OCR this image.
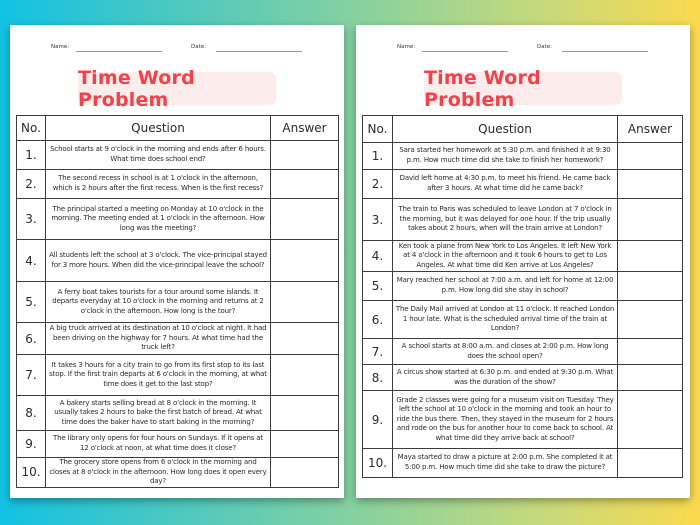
Name:	Date:
Time Word Problem
No.	Question	Answer
1.	School starts at 9 o'clock in the morning and ends after 6 hours. What time does school end?	
2.	The second recess in school is at 1 o'clock in the afternoon, which is 2 hours after the first recess. When is the first recess?	
3.	The principal started a meeting on Monday at 10 o'clock in the morning. The meeting ended at 1 o'clock in the afternoon. How long was the meeting?	
4.	All students left the school at 3 o'clock. The vice-principal stayed for 3 more hours. When did the vice-principal leave the school?	
5.	A ferry boat takes tourists for a tour around some islands. It departs everyday at 10 o'clock in the morning and returns at 2 o'clock in the afternoon. How long is the tour?	
6.	A big truck arrived at its destination at 10 o'clock at night. It had been driving on the highway for 7 hours. At what time had the truck left?	
7.	It takes 3 hours for a city train to go from its first stop to its last stop. If the first train departs at 6 o'clock in the morning, at what time does it get to the last stop?	
8.	A bakery starts selling bread at 8 o'clock in the morning. It usually takes 2 hours to bake the first batch of bread. At what time does the baker have to start baking in the morning?	
9.	The library only opens for four hours on Sundays. If it opens at 12 o'clock at noon, at what time does it close?	
10.	The grocery store opens from 6 o'clock in the morning and closes at 8 o'clock in the afternoon. How long does it open every day?	
Name:	Date:
Time Word Problem
No.	Question	Answer
1.	Sara started her homework at 5:30 p.m. and finished it at 9:30 p.m. How much time did she take to finish her homework?	
2.	David left home at 4:30 p.m. to meet his friend. He came back after 3 hours. At what time did he came back?	
3.	The train to Paris was scheduled to leave London at 7 o'clock in the morning, but it was delayed for one hour. If the trip usually takes about 2 hours, when will the train arrive at London?	
4.	Ken took a plane from New York to Los Angeles. It left New York at 4 o'clock in the afternoon and it took 6 hours to get to Los Angeles. At what time did Ken arrive at Los Angeles?	
5.	Mary reached her school at 7:00 a.m. and left for home at 12:00 p.m. How long did she stay in school?	
6.	The Daily Mail arrived at London at 11 o'clock. It reached London 1 hour late. What is the scheduled arrival time of the train at London?	
7.	A school starts at 8:00 a.m. and closes at 2:00 p.m. How long does the school open?	
8.	A circus show started at 6:30 p.m. and ended at 9:30 p.m. What was the duration of the show?	
9.	Grade 2 classes were going for a museum visit on Tuesday. They left the school at 10 o'clock in the morning and took an hour to ride the bus there. Then, they stayed in the museum for 2 hours and rode on the bus for another hour to come back to school. At what time did they arrive back at school?	
10.	Maya started to draw a picture at 2:00 p.m. She completed it at 5:00 p.m. How much time did she take to draw the picture?	
